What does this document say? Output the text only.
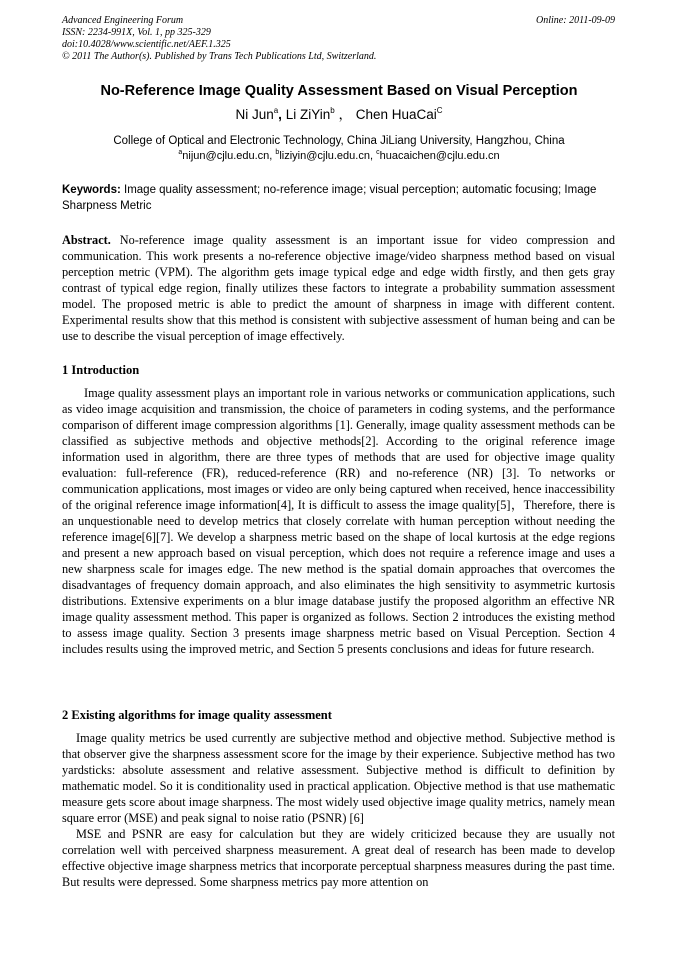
Advanced Engineering Forum	Online: 2011-09-09
ISSN: 2234-991X, Vol. 1, pp 325-329
doi:10.4028/www.scientific.net/AEF.1.325
© 2011 The Author(s). Published by Trans Tech Publications Ltd, Switzerland.
No-Reference Image Quality Assessment Based on Visual Perception
Ni Jun$^a$, Li ZiYin$^b$ ， Chen HuaCai$^C$
College of Optical and Electronic Technology, China JiLiang University, Hangzhou, China
$^a$nijun@cjlu.edu.cn, $^b$liziyin@cjlu.edu.cn, $^c$huacaichen@cjlu.edu.cn
Keywords: Image quality assessment; no-reference image; visual perception; automatic focusing; Image Sharpness Metric
Abstract. No-reference image quality assessment is an important issue for video compression and communication. This work presents a no-reference objective image/video sharpness method based on visual perception metric (VPM). The algorithm gets image typical edge and edge width firstly, and then gets gray contrast of typical edge region, finally utilizes these factors to integrate a probability summation assessment model. The proposed metric is able to predict the amount of sharpness in image with different content. Experimental results show that this method is consistent with subjective assessment of human being and can be use to describe the visual perception of image effectively.
1 Introduction

Image quality assessment plays an important role in various networks or communication applications, such as video image acquisition and transmission, the choice of parameters in coding systems, and the performance comparison of different image compression algorithms [1]. Generally, image quality assessment methods can be classified as subjective methods and objective methods[2]. According to the original reference image information used in algorithm, there are three types of methods that are used for objective image quality evaluation: full-reference (FR), reduced-reference (RR) and no-reference (NR) [3]. To networks or communication applications, most images or video are only being captured when received, hence inaccessibility of the original reference image information[4], It is difficult to assess the image quality[5]，Therefore, there is an unquestionable need to develop metrics that closely correlate with human perception without needing the reference image[6][7]. We develop a sharpness metric based on the shape of local kurtosis at the edge regions and present a new approach based on visual perception, which does not require a reference image and uses a new sharpness scale for images edge. The new method is the spatial domain approaches that overcomes the disadvantages of frequency domain approach, and also eliminates the high sensitivity to asymmetric kurtosis distributions. Extensive experiments on a blur image database justify the proposed algorithm an effective NR image quality assessment method. This paper is organized as follows. Section 2 introduces the existing method to assess image quality. Section 3 presents image sharpness metric based on Visual Perception. Section 4 includes results using the improved metric, and Section 5 presents conclusions and ideas for future research.

2 Existing algorithms for image quality assessment

Image quality metrics be used currently are subjective method and objective method. Subjective method is that observer give the sharpness assessment score for the image by their experience. Subjective method has two yardsticks: absolute assessment and relative assessment. Subjective method is difficult to definition by mathematic model. So it is conditionality used in practical application. Objective method is that use mathematic measure gets score about image sharpness. The most widely used objective image quality metrics, namely mean square error (MSE) and peak signal to noise ratio (PSNR) [6]

MSE and PSNR are easy for calculation but they are widely criticized because they are usually not correlation well with perceived sharpness measurement. A great deal of research has been made to develop effective objective image sharpness metrics that incorporate perceptual sharpness measures during the past time. But results were depressed. Some sharpness metrics pay more attention on
